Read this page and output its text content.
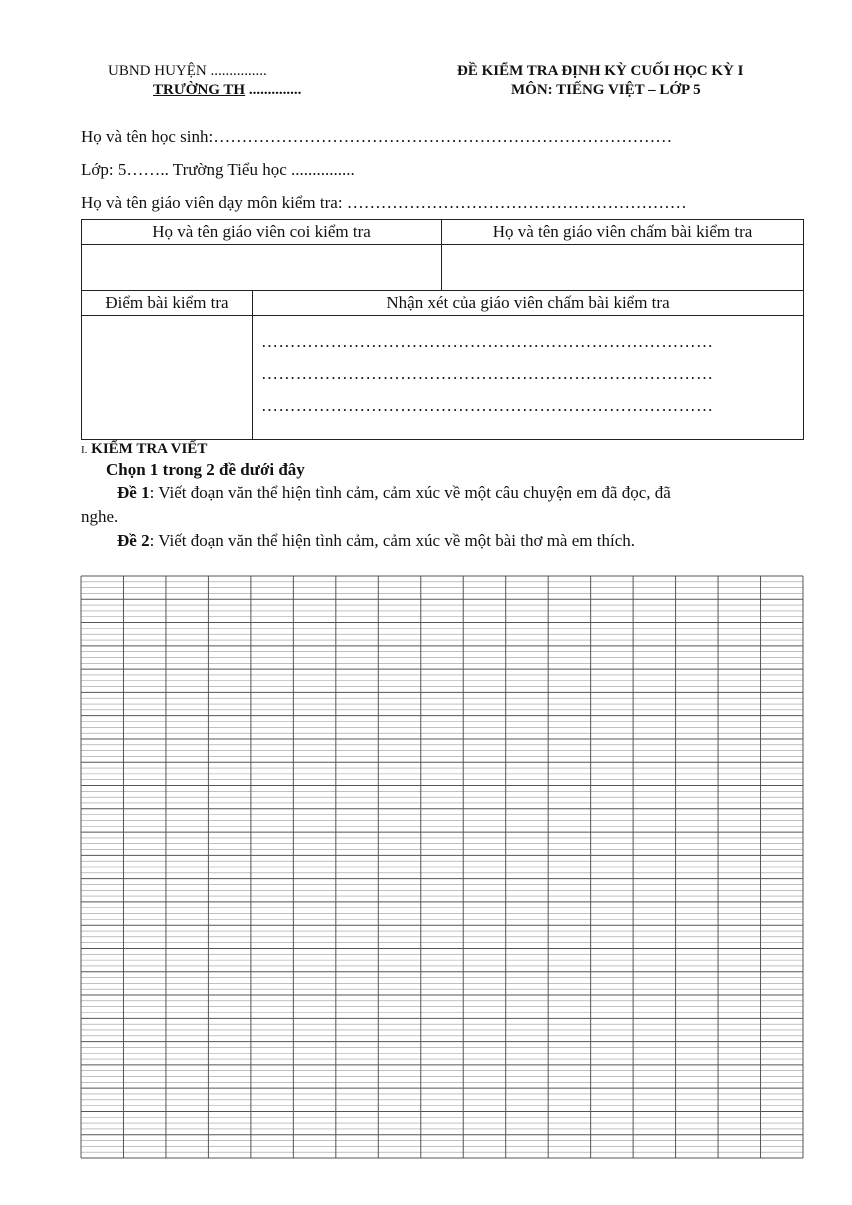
UBND HUYỆN ...............
TRƯỜNG TH ..............
ĐỀ KIỂM TRA ĐỊNH KỲ CUỐI HỌC KỲ I
MÔN: TIẾNG VIỆT – LỚP 5
Họ và tên học sinh:………………………………………………………………………
Lớp: 5…….. Trường Tiểu học ...............
Họ và tên giáo viên dạy môn kiểm tra: ……………………………………………………
Họ và tên giáo viên coi kiểm tra		Họ và tên giáo viên chấm bài kiểm tra

Điểm bài kiểm tra	Nhận xét của giáo viên chấm bài kiểm tra	

	……………………………………………………………………
……………………………………………………………………
……………………………………………………………………	
I. KIỂM TRA VIẾT
Chọn 1 trong 2 đề dưới đây
Đề 1: Viết đoạn văn thể hiện tình cảm, cảm xúc về một câu chuyện em đã đọc, đã
nghe.
Đề 2: Viết đoạn văn thể hiện tình cảm, cảm xúc về một bài thơ mà em thích.
